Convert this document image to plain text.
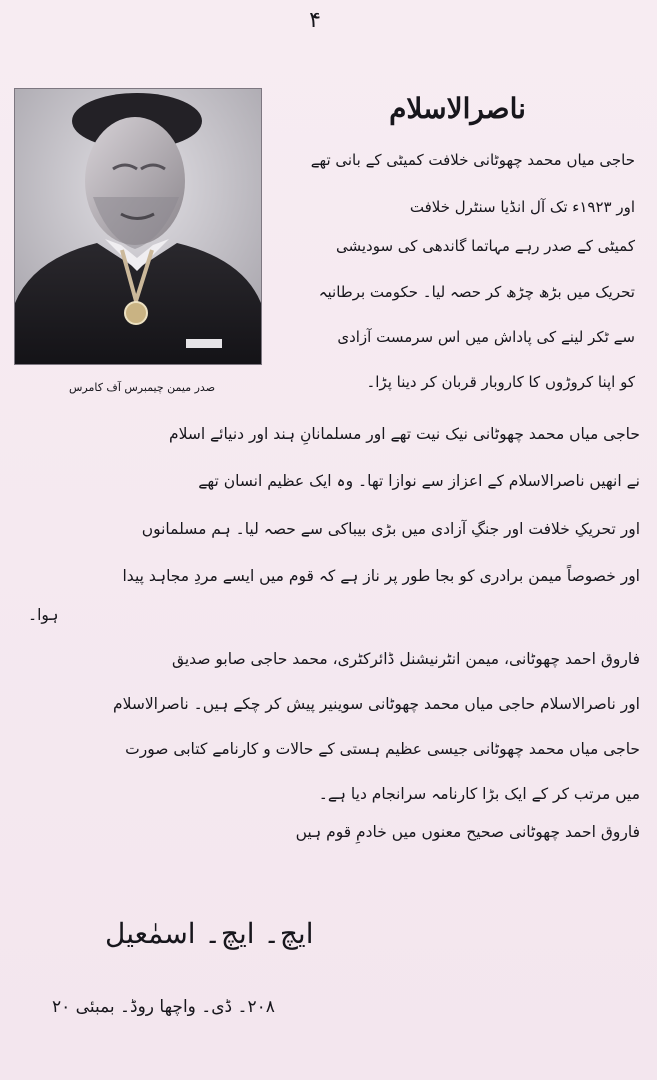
۴
صدر میمن چیمبرس آف کامرس
ناصرالاسلام
حاجی میاں محمد چھوٹانی خلافت کمیٹی کے بانی تھے
اور ۱۹۲۳ء تک آل انڈیا سنٹرل خلافت
کمیٹی کے صدر رہے مہاتما گاندھی کی سودیشی
تحریک میں بڑھ چڑھ کر حصہ لیا۔ حکومت برطانیہ
سے ٹکر لینے کی پاداش میں اس سرمست آزادی
کو اپنا کروڑوں کا کاروبار قربان کر دینا پڑا۔
حاجی میاں محمد چھوٹانی نیک نیت تھے اور مسلمانانِ ہند اور دنیائے اسلام
نے انھیں ناصرالاسلام کے اعزاز سے نوازا تھا۔ وہ ایک عظیم انسان تھے
اور تحریکِ خلافت اور جنگِ آزادی میں بڑی بیباکی سے حصہ لیا۔ ہم مسلمانوں
اور خصوصاً میمن برادری کو بجا طور پر ناز ہے کہ قوم میں ایسے مردِ مجاہد پیدا
ہوا۔
فاروق احمد چھوٹانی، میمن انٹرنیشنل ڈائرکٹری، محمد حاجی صابو صدیق
اور ناصرالاسلام حاجی میاں محمد چھوٹانی سوینیر پیش کر چکے ہیں۔ ناصرالاسلام
حاجی میاں محمد چھوٹانی جیسی عظیم ہستی کے حالات و کارنامے کتابی صورت
میں مرتب کر کے ایک بڑا کارنامہ سرانجام دیا ہے۔
فاروق احمد چھوٹانی صحیح معنوں میں خادمِ قوم ہیں
ایچ۔ ایچ۔ اسمٰعیل
۲۰۸۔ ڈی۔ واچھا روڈ۔ بمبئی ۲۰
